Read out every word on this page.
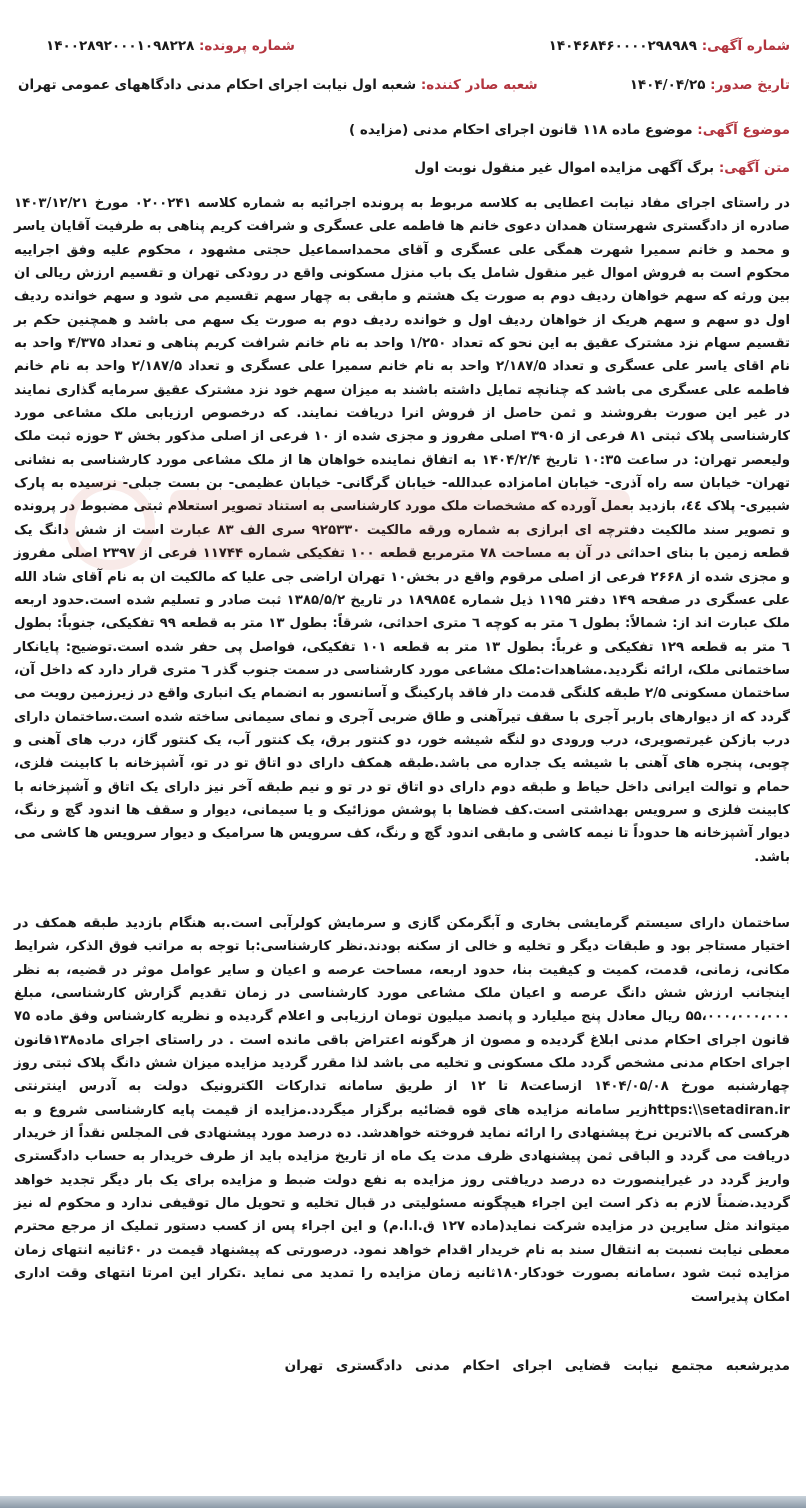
شماره آگهی: ۱۴۰۴۶۸۴۶۰۰۰۰۲۹۸۹۸۹
شماره پرونده: ۱۴۰۰۲۸۹۲۰۰۰۱۰۹۸۲۲۸
تاریخ صدور: ۱۴۰۴/۰۴/۲۵
شعبه صادر کننده: شعبه اول نیابت اجرای احکام مدنی دادگاههای عمومی تهران
موضوع آگهی: موضوع ماده ۱۱۸ قانون اجرای احکام مدنی (مزایده )
متن آگهی: برگ آگهی مزایده اموال غیر منقول نوبت اول
در راستای اجرای مفاد نیابت اعطایی به کلاسه مربوط به پرونده اجرائیه به شماره کلاسه ۰۲۰۰۲۴۱ مورخ ۱۴۰۳/۱۲/۲۱ صادره از دادگستری شهرستان همدان دعوی خانم ها فاطمه علی عسگری و شرافت کریم پناهی به طرفیت آقایان یاسر و محمد و خانم سمیرا شهرت همگی علی عسگری و آقای محمداسماعیل حجتی مشهود ، محکوم علیه وفق اجراییه محکوم است به فروش اموال غیر منقول شامل یک باب منزل مسکونی واقع در رودکی تهران و تقسیم ارزش ریالی ان بین ورثه که سهم خواهان ردیف دوم به صورت یک هشتم و مابقی به چهار سهم تقسیم می شود و سهم خوانده ردیف اول دو سهم و سهم هریک از خواهان ردیف اول و خوانده ردیف دوم به صورت یک سهم می باشد و همچنین حکم بر تقسیم سهام نزد مشترک عقیق به این نحو که تعداد ۱/۲۵۰ واحد به نام خانم شرافت کریم پناهی و تعداد ۴/۳۷۵ واحد به نام اقای یاسر علی عسگری و تعداد ۲/۱۸۷/۵ واحد به نام خانم سمیرا علی عسگری و تعداد ۲/۱۸۷/۵ واحد به نام خانم فاطمه علی عسگری می باشد که چنانچه تمایل داشته باشند به میزان سهم خود نزد مشترک عقیق سرمایه گذاری نمایند در غیر این صورت بفروشند و ثمن حاصل از فروش انرا دریافت نمایند. که درخصوص ارزیابی ملک مشاعی مورد کارشناسی پلاک ثبتی ۸۱ فرعی از ۳۹۰۵ اصلی مفروز و مجزی شده از ۱۰ فرعی از اصلی مذکور بخش ۳ حوزه ثبت ملک ولیعصر تهران: در ساعت ۱۰:۳۵ تاریخ ۱۴۰۴/۲/۴ به اتفاق نماینده خواهان ها از ملک مشاعی مورد کارشناسی به نشانی تهران- خیابان سه راه آذری- خیابان امامزاده عبدالله- خیابان گرگانی- خیابان عظیمی- بن بست جبلی- نرسیده به پارک شبیری- پلاک ٤٤، بازدید بعمل آورده که مشخصات ملک مورد کارشناسی به استناد تصویر استعلام ثبتی مضبوط در پرونده و تصویر سند مالکیت دفترچه ای ابرازی به شماره ورقه مالکیت ۹۲۵۳۳۰ سری الف ۸۳ عبارت است از شش دانگ یک قطعه زمین با بنای احداثی در آن به مساحت ۷۸ مترمربع قطعه ۱۰۰ تفکیکی شماره ۱۱۷۴۴ فرعی از ۲۳۹۷ اصلی مفروز و مجزی شده از ۲۶۶۸ فرعی از اصلی مرقوم واقع در بخش۱۰ تهران اراضی جی علیا که مالکیت ان به نام آقای شاد الله علی عسگری در صفحه ۱۴۹ دفتر ۱۱۹۵ ذیل شماره ۱۸۹۸۵٤ در تاریخ ۱۳۸۵/۵/۲ ثبت صادر و تسلیم شده است.حدود اربعه ملک عبارت اند از: شمالاً: بطول ٦ متر به کوچه ٦ متری احداثی، شرقاً: بطول ۱۳ متر به قطعه ۹۹ تفکیکی، جنوباً: بطول ٦ متر به قطعه ۱۲۹ تفکیکی و غرباً: بطول ۱۳ متر به قطعه ۱۰۱ تفکیکی، فواصل پی حفر شده است.توضیح: پایانکار ساختمانی ملک، ارائه نگردید.مشاهدات:ملک مشاعی مورد کارشناسی در سمت جنوب گذر ٦ متری قرار دارد که داخل آن، ساختمان مسکونی ۲/۵ طبقه کلنگی قدمت دار فاقد پارکینگ و آسانسور به انضمام یک انباری واقع در زیرزمین رویت می گردد که از دیوارهای باربر آجری با سقف تیرآهنی و طاق ضربی آجری و نمای سیمانی ساخته شده است.ساختمان دارای درب بازکن غیرتصویری، درب ورودی دو لنگه شیشه خور، دو کنتور برق، یک کنتور آب، یک کنتور گاز، درب های آهنی و چوبی، پنجره های آهنی با شیشه یک جداره می باشد.طبقه همکف دارای دو اتاق تو در تو، آشپزخانه با کابینت فلزی، حمام و توالت ایرانی داخل حیاط و طبقه دوم دارای دو اتاق تو در تو و نیم طبقه آخر نیز دارای یک اتاق و آشپزخانه با کابینت فلزی و سرویس بهداشتی است.کف فضاها با پوشش موزائیک و یا سیمانی، دیوار و سقف ها اندود گچ و رنگ، دیوار آشپزخانه ها حدوداً تا نیمه کاشی و مابقی اندود گچ و رنگ، کف سرویس ها سرامیک و دیوار سرویس ها کاشی می باشد.
ساختمان دارای سیستم گرمایشی بخاری و آبگرمکن گازی و سرمایش کولرآبی است.به هنگام بازدید طبقه همکف در اختیار مستاجر بود و طبقات دیگر و تخلیه و خالی از سکنه بودند.نظر کارشناسی:با توجه به مراتب فوق الذکر، شرایط مکانی، زمانی، قدمت، کمیت و کیفیت بنا، حدود اربعه، مساحت عرصه و اعیان و سایر عوامل موثر در قضیه، به نظر اینجانب ارزش شش دانگ عرصه و اعیان ملک مشاعی مورد کارشناسی در زمان تقدیم گزارش کارشناسی، مبلغ ۵۵،۰۰۰،۰۰۰،۰۰۰ ریال معادل پنج میلیارد و پانصد میلیون تومان ارزیابی و اعلام گردیده و نظریه کارشناس وفق ماده ۷۵ قانون اجرای احکام مدنی ابلاغ گردیده و مصون از هرگونه اعتراض باقی مانده است . در راستای اجرای ماده۱۳۸قانون اجرای احکام مدنی مشخص گردد ملک مسکونی و تخلیه می باشد لذا مقرر گردید مزایده میزان شش دانگ پلاک ثبتی روز چهارشنبه مورخ ۱۴۰۴/۰۵/۰۸ ازساعت۸ تا ۱۲ از طریق سامانه تدارکات الکترونیک دولت به آدرس اینترنتی https:\\setadiran.irزیر سامانه مزایده های قوه قضائیه برگزار میگردد.مزایده از قیمت پایه کارشناسی شروع و به هرکسی که بالاترین نرخ پیشنهادی را ارائه نماید فروخته خواهدشد. ده درصد مورد پیشنهادی فی المجلس نقداً از خریدار دریافت می گردد و الباقی ثمن پیشنهادی ظرف مدت یک ماه از تاریخ مزایده باید از طرف خریدار به حساب دادگستری واریز گردد در غیراینصورت ده درصد دریافتی روز مزایده به نفع دولت ضبط و مزایده برای یک بار دیگر تجدید خواهد گردید.ضمناً لازم به ذکر است این اجراء هیچگونه مسئولیتی در قبال تخلیه و تحویل مال توقیفی ندارد و محکوم له نیز میتواند مثل سایرین در مزایده شرکت نماید(ماده ۱۲۷ ق.ا.ا.م) و این اجراء پس از کسب دستور تملیک از مرجع محترم معطی نیابت نسبت به انتقال سند به نام خریدار اقدام خواهد نمود. درصورتی که پیشنهاد قیمت در ۶۰ثانیه انتهای زمان مزایده ثبت شود ،سامانه بصورت خودکار۱۸۰ثانیه زمان مزایده را تمدید می نماید .تکرار این امرتا انتهای وقت اداری امکان پذیراست
مدیرشعبه مجتمع نیابت قضایی اجرای احکام مدنی دادگستری تهران
